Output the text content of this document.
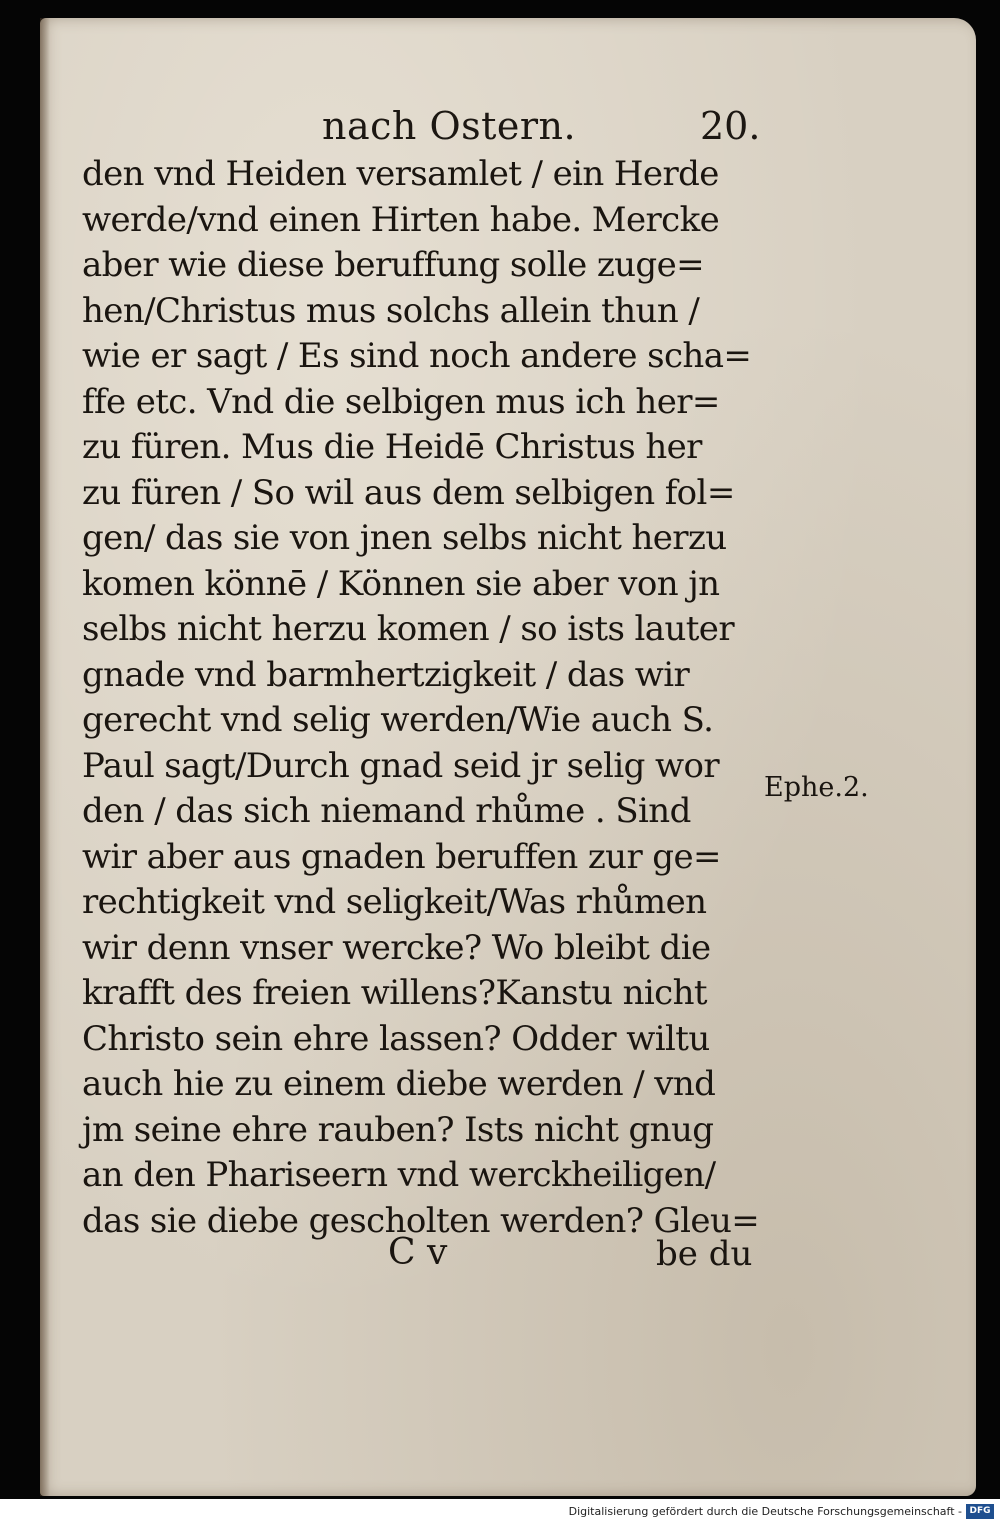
nach Ostern.	20.
den vnd Heiden versamlet / ein Herde
werde/vnd einen Hirten habe. Mercke
aber wie diese beruffung solle zuge=
hen/Christus mus solchs allein thun /
wie er sagt / Es sind noch andere scha=
ffe etc. Vnd die selbigen mus ich her=
zu füren. Mus die Heidē Christus her
zu füren / So wil aus dem selbigen fol=
gen/ das sie von jnen selbs nicht herzu
komen könnē / Können sie aber von jn
selbs nicht herzu komen / so ists lauter
gnade vnd barmhertzigkeit / das wir
gerecht vnd selig werden/Wie auch S.
Paul sagt/Durch gnad seid jr selig wor
den / das sich niemand rhůme . Sind
wir aber aus gnaden beruffen zur ge=
rechtigkeit vnd seligkeit/Was rhůmen
wir denn vnser wercke? Wo bleibt die
krafft des freien willens?Kanstu nicht
Christo sein ehre lassen? Odder wiltu
auch hie zu einem diebe werden / vnd
jm seine ehre rauben? Ists nicht gnug
an den Phariseern vnd werckheiligen/
das sie diebe gescholten werden? Gleu=
Ephe.2.
C v	be du
Digitalisierung gefördert durch die Deutsche Forschungsgemeinschaft - DFG
